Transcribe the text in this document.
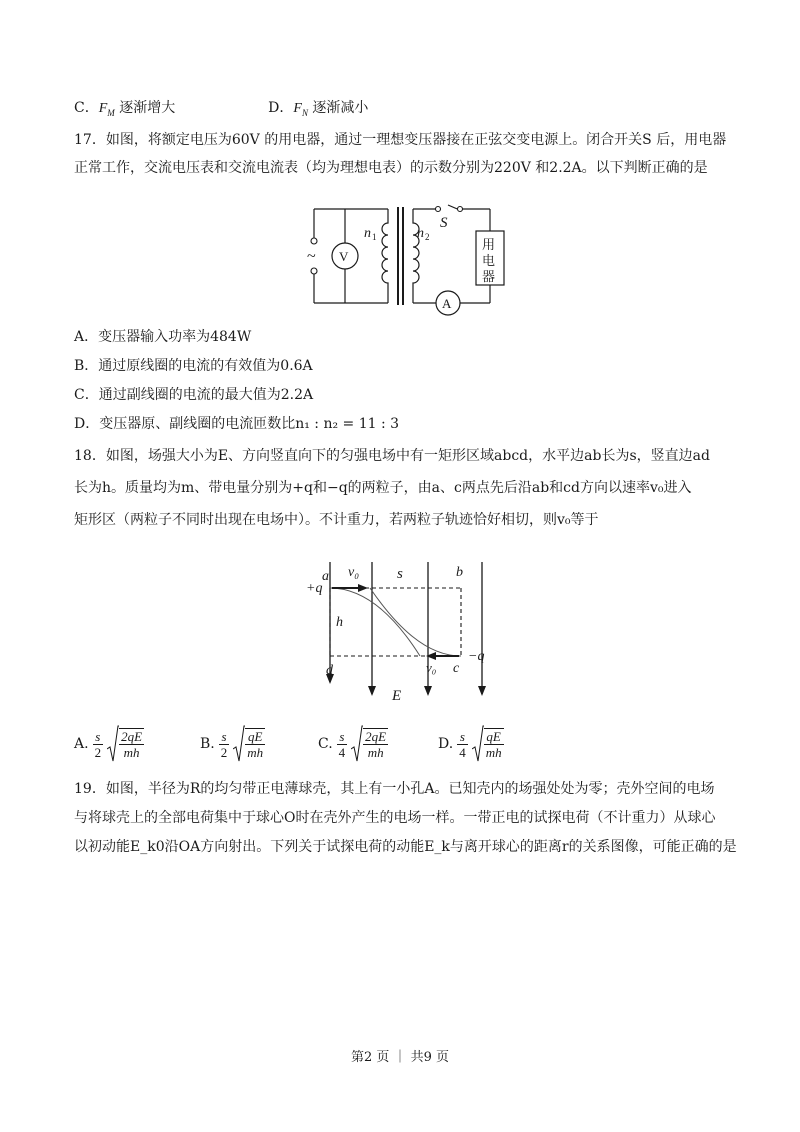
C．$F_M$ 逐渐增大	D．$F_N$ 逐渐减小
17．如图，将额定电压为60V 的用电器，通过一理想变压器接在正弦交变电源上。闭合开关S 后，用电器
正常工作，交流电压表和交流电流表（均为理想电表）的示数分别为220V 和2.2A。以下判断正确的是
~ V
A
n 1	n 2
S
用
电
器
A．变压器输入功率为484W
B．通过原线圈的电流的有效值为0.6A
C．通过副线圈的电流的最大值为2.2A
D．变压器原、副线圈的电流匝数比n₁ : n₂ = 11 : 3
18．如图，场强大小为E、方向竖直向下的匀强电场中有一矩形区域abcd，水平边ab长为s，竖直边ad
长为h。质量均为m、带电量分别为+q和−q的两粒子，由a、c两点先后沿ab和cd方向以速率v₀进入
矩形区（两粒子不同时出现在电场中）。不计重力，若两粒子轨迹恰好相切，则v₀等于
a	b
c
d
+q
−q
v₀
v₀
s
h
E
A. $\frac{s}{2} \frac{2qE}{mh}$	B. $\frac{s}{2} \frac{qE}{mh}$	C. $\frac{s}{4} \frac{2qE}{mh}$	D. $\frac{s}{4} \frac{qE}{mh}$
19．如图，半径为R的均匀带正电薄球壳，其上有一小孔A。已知壳内的场强处处为零；壳外空间的电场
与将球壳上的全部电荷集中于球心O时在壳外产生的电场一样。一带正电的试探电荷（不计重力）从球心
以初动能E_k0沿OA方向射出。下列关于试探电荷的动能E_k与离开球心的距离r的关系图像，可能正确的是
第2 页 ｜ 共9 页
